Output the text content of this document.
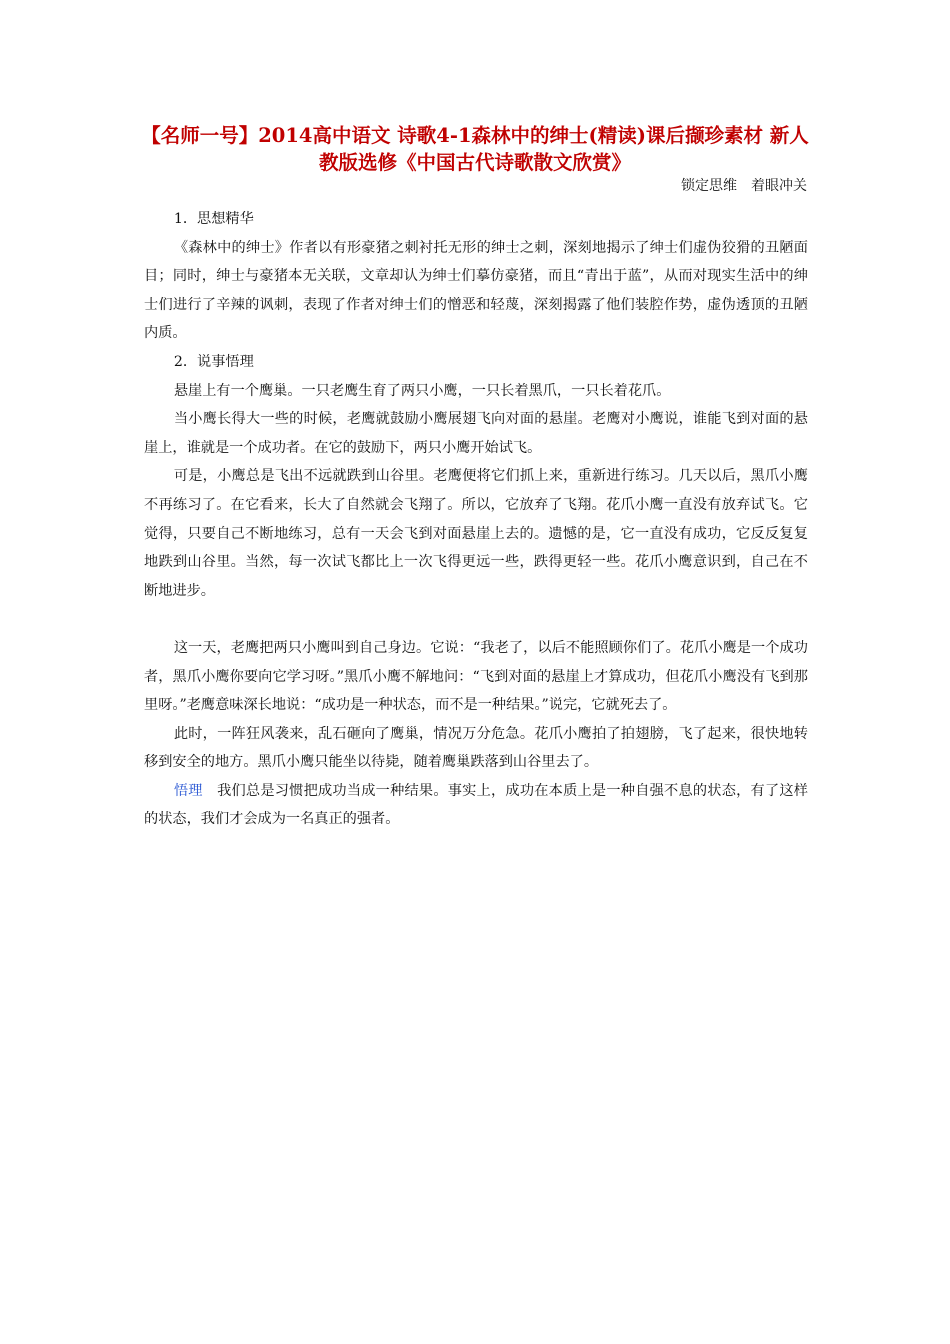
【名师一号】2014高中语文 诗歌4-1森林中的绅士(精读)课后撷珍素材 新人教版选修《中国古代诗歌散文欣赏》

锁定思维　着眼冲关

1．思想精华

《森林中的绅士》作者以有形豪猪之刺衬托无形的绅士之刺，深刻地揭示了绅士们虚伪狡猾的丑陋面目；同时，绅士与豪猪本无关联，文章却认为绅士们摹仿豪猪，而且“青出于蓝”，从而对现实生活中的绅士们进行了辛辣的讽刺，表现了作者对绅士们的憎恶和轻蔑，深刻揭露了他们装腔作势，虚伪透顶的丑陋内质。

2．说事悟理

悬崖上有一个鹰巢。一只老鹰生育了两只小鹰，一只长着黑爪，一只长着花爪。

当小鹰长得大一些的时候，老鹰就鼓励小鹰展翅飞向对面的悬崖。老鹰对小鹰说，谁能飞到对面的悬崖上，谁就是一个成功者。在它的鼓励下，两只小鹰开始试飞。

可是，小鹰总是飞出不远就跌到山谷里。老鹰便将它们抓上来，重新进行练习。几天以后，黑爪小鹰不再练习了。在它看来，长大了自然就会飞翔了。所以，它放弃了飞翔。花爪小鹰一直没有放弃试飞。它觉得，只要自己不断地练习，总有一天会飞到对面悬崖上去的。遗憾的是，它一直没有成功，它反反复复地跌到山谷里。当然，每一次试飞都比上一次飞得更远一些，跌得更轻一些。花爪小鹰意识到，自己在不断地进步。

这一天，老鹰把两只小鹰叫到自己身边。它说：“我老了，以后不能照顾你们了。花爪小鹰是一个成功者，黑爪小鹰你要向它学习呀。”黑爪小鹰不解地问：“飞到对面的悬崖上才算成功，但花爪小鹰没有飞到那里呀。”老鹰意味深长地说：“成功是一种状态，而不是一种结果。”说完，它就死去了。

此时，一阵狂风袭来，乱石砸向了鹰巢，情况万分危急。花爪小鹰拍了拍翅膀，飞了起来，很快地转移到安全的地方。黑爪小鹰只能坐以待毙，随着鹰巢跌落到山谷里去了。

悟理　 我们总是习惯把成功当成一种结果。事实上，成功在本质上是一种自强不息的状态，有了这样的状态，我们才会成为一名真正的强者。
